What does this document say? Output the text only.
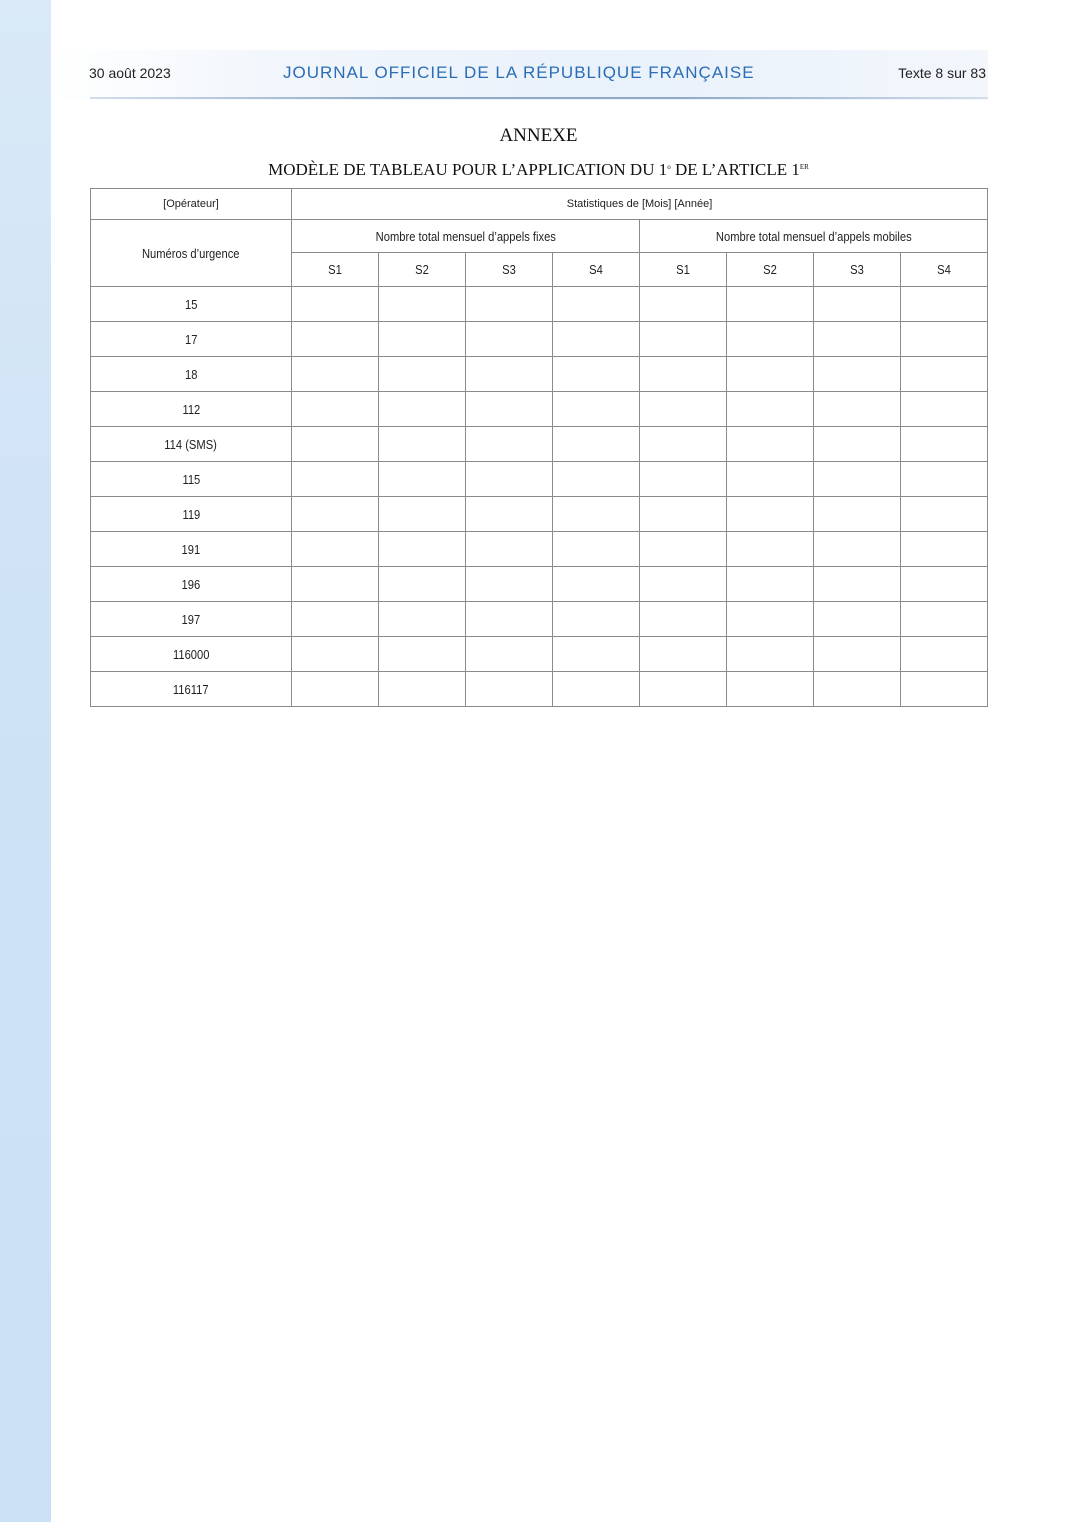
30 août 2023	JOURNAL OFFICIEL DE LA RÉPUBLIQUE FRANÇAISE	Texte 8 sur 83
ANNEXE
MODÈLE DE TABLEAU POUR L’APPLICATION DU 1$^o$ DE L’ARTICLE 1ER
[Opérateur]	Statistiques de [Mois] [Année]							
Numéros d’urgence	Nombre total mensuel d’appels fixes				Nombre total mensuel d’appels mobiles			
	S1	S2	S3	S4	S1	S2	S3	S4
15								
17								
18								
112								
114 (SMS)								
115								
119								
191								
196								
197								
116000								
116117								
